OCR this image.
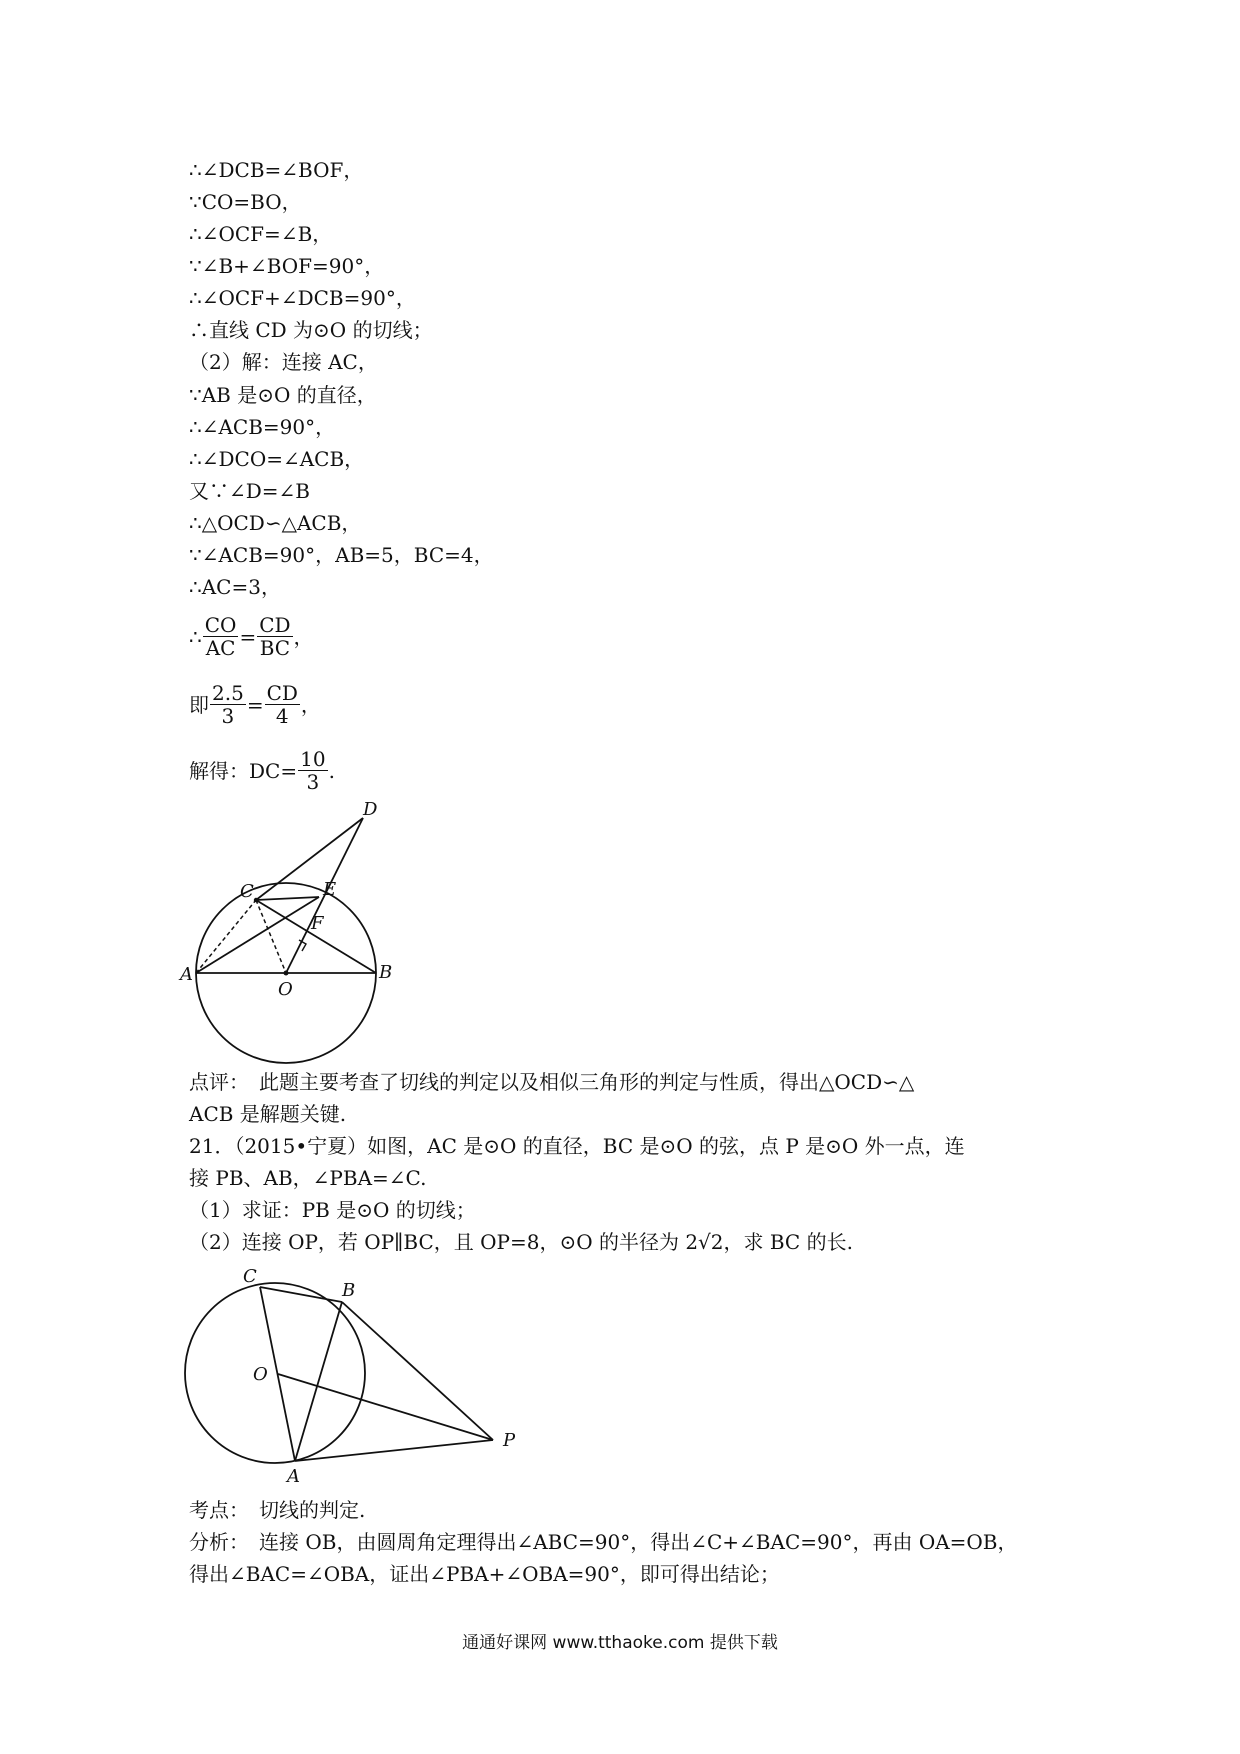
∴∠DCB=∠BOF，
∵CO=BO，
∴∠OCF=∠B，
∵∠B+∠BOF=90°，
∴∠OCF+∠DCB=90°，
∴直线 CD 为⊙O 的切线；
（2）解：连接 AC，
∵AB 是⊙O 的直径，
∴∠ACB=90°，
∴∠DCO=∠ACB，
又∵∠D=∠B
∴△OCD∽△ACB，
∵∠ACB=90°，AB=5，BC=4，
∴AC=3，
∴ $\frac{CO}{AC} = \frac{CD}{BC}$ ，
即 $\frac{2.5}{3} = \frac{CD}{4}$ ，
解得：$DC= \frac{10}{3}$ .
D
C	E
F
A
O
B
点评：　此题主要考查了切线的判定以及相似三角形的判定与性质，得出△OCD∽△
ACB 是解题关键.
21．（2015•宁夏）如图，AC 是⊙O 的直径，BC 是⊙O 的弦，点 P 是⊙O 外一点，连
接 PB、AB，∠PBA=∠C.
（1）求证：PB 是⊙O 的切线；
（2）连接 OP，若 OP∥BC，且 OP=8，⊙O 的半径为 2√2，求 BC 的长.
C
B
O
A
P
考点：　切线的判定.
分析：　连接 OB，由圆周角定理得出∠ABC=90°，得出∠C+∠BAC=90°，再由 OA=OB，
得出∠BAC=∠OBA，证出∠PBA+∠OBA=90°，即可得出结论；
通通好课网 www.tthaoke.com 提供下载
